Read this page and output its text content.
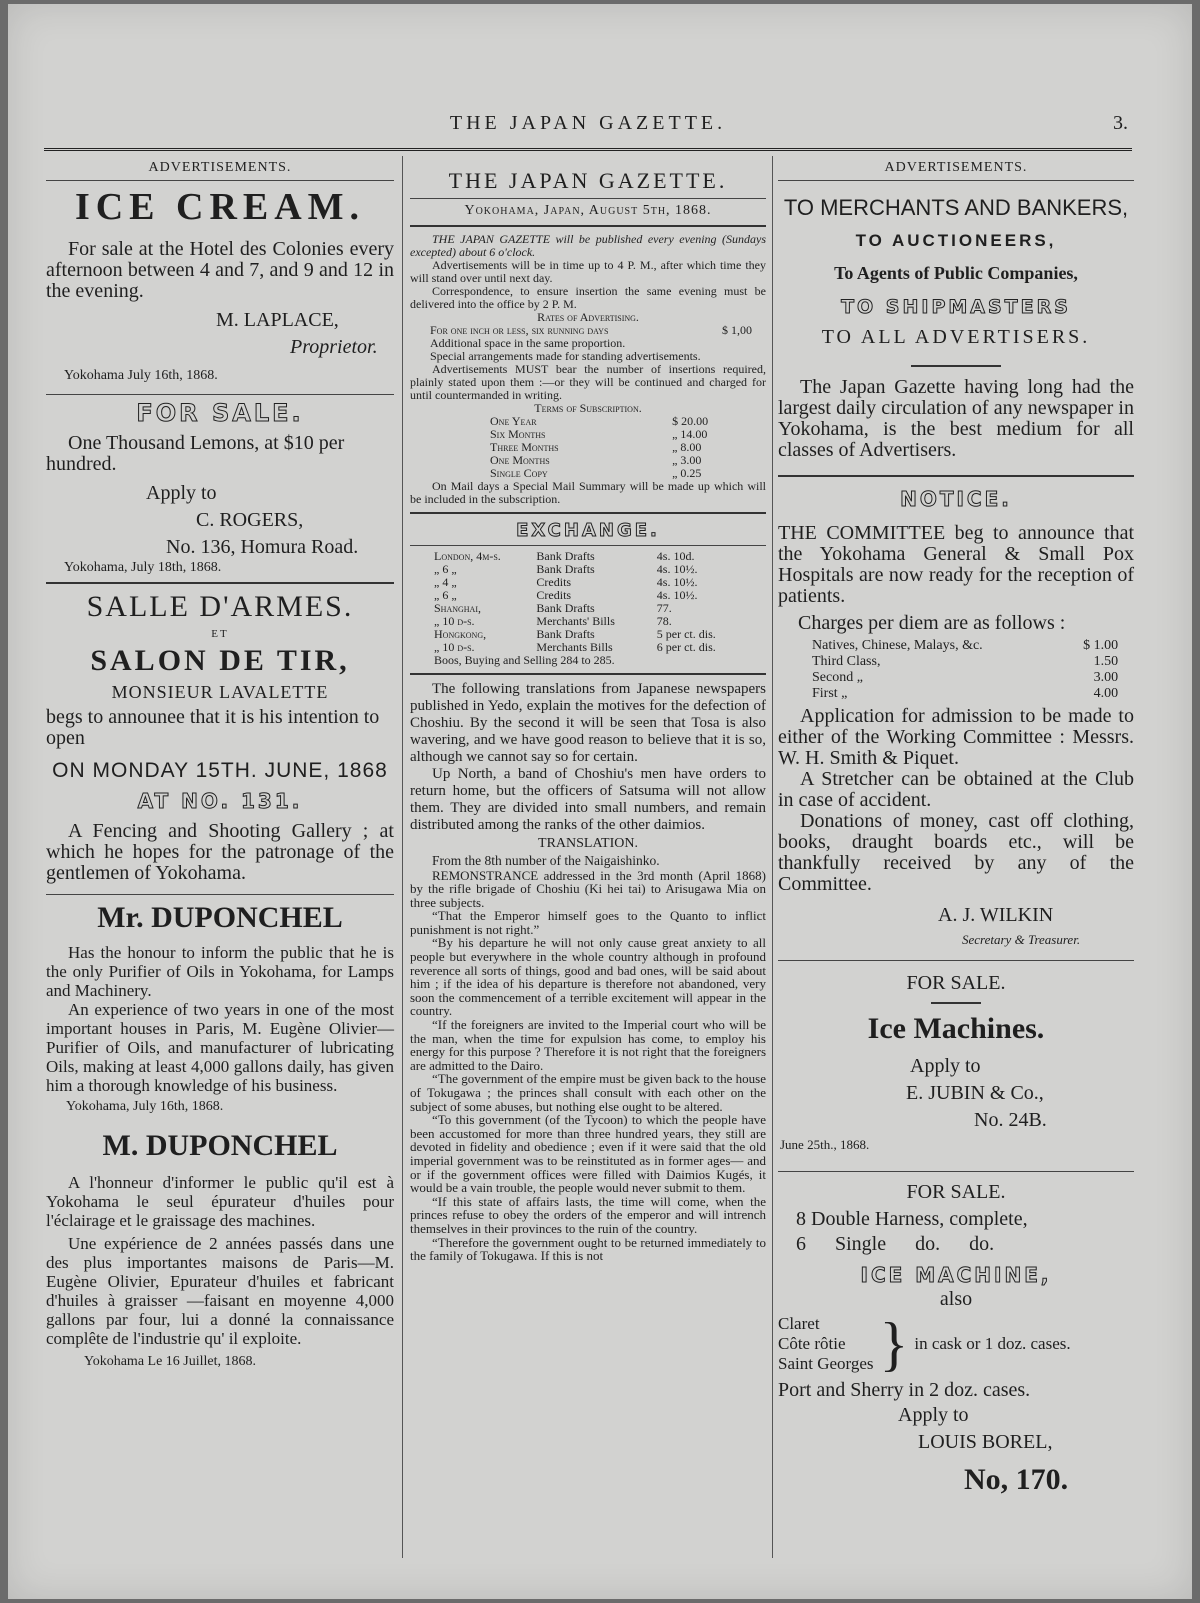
THE JAPAN GAZETTE.	3.
ADVERTISEMENTS.
ICE CREAM.

For sale at the Hotel des Colonies every afternoon between 4 and 7, and 9 and 12 in the evening.

M. LAPLACE,

Proprietor.

Yokohama July 16th, 1868.

FOR SALE.

One Thousand Lemons, at $10 per hundred.

Apply to

C. ROGERS,

No. 136, Homura Road.

Yokohama, July 18th, 1868.

SALLE D'ARMES.
ET
SALON DE TIR,
MONSIEUR LAVALETTE

begs to announee that it is his intention to open

ON MONDAY 15TH. JUNE, 1868
AT NO. 131.

A Fencing and Shooting Gallery ; at which he hopes for the patronage of the gentlemen of Yokohama.

Mr. DUPONCHEL

Has the honour to inform the public that he is the only Purifier of Oils in Yokohama, for Lamps and Machinery.

An experience of two years in one of the most important houses in Paris, M. Eugène Olivier—Purifier of Oils, and manufacturer of lubricating Oils, making at least 4,000 gallons daily, has given him a thorough knowledge of his business.

Yokohama, July 16th, 1868.

M. DUPONCHEL

A l'honneur d'informer le public qu'il est à Yokohama le seul épurateur d'huiles pour l'éclairage et le graissage des machines.

Une expérience de 2 années passés dans une des plus importantes maisons de Paris—M. Eugène Olivier, Epurateur d'huiles et fabricant d'huiles à graisser —faisant en moyenne 4,000 gallons par four, lui a donné la connaissance complête de l'industrie qu' il exploite.

Yokohama Le 16 Juillet, 1868.

THE JAPAN GAZETTE.
Yokohama, Japan, August 5th, 1868.

THE JAPAN GAZETTE will be published every evening (Sundays excepted) about 6 o'clock.

Advertisements will be in time up to 4 P. M., after which time they will stand over until next day.

Correspondence, to ensure insertion the same evening must be delivered into the office by 2 P. M.

Rates of Advertising.

For one inch or less, six running days	$ 1,00

Additional space in the same proportion.

Special arrangements made for standing advertisements.

Advertisements MUST bear the number of insertions required, plainly stated upon them :—or they will be continued and charged for until countermanded in writing.

Terms of Subscription.

One Year	$ 20.00
Six Months	„ 14.00
Three Months	„ 8.00
One Months	„ 3.00
Single Copy	„ 0.25

On Mail days a Special Mail Summary will be made up which will be included in the subscription.

EXCHANGE.
London, 4m-s.	Bank Drafts	4s. 10d.
„ 6 „	Bank Drafts	4s. 10½.
„ 4 „	Credits	4s. 10½.
„ 6 „	Credits	4s. 10½.
Shanghai,	Bank Drafts	77.
„ 10 d-s.	Merchants' Bills	78.
Hongkong,	Bank Drafts	5 per ct. dis.
„ 10 d-s.	Merchants Bills	6 per ct. dis.

Boos, Buying and Selling 284 to 285.

The following translations from Japanese newspapers published in Yedo, explain the motives for the defection of Choshiu. By the second it will be seen that Tosa is also wavering, and we have good reason to believe that it is so, although we cannot say so for certain.

Up North, a band of Choshiu's men have orders to return home, but the officers of Satsuma will not allow them. They are divided into small numbers, and remain distributed among the ranks of the other daimios.

TRANSLATION.

From the 8th number of the Naigaishinko.

REMONSTRANCE addressed in the 3rd month (April 1868) by the rifle brigade of Choshiu (Ki hei tai) to Arisugawa Mia on three subjects.

“That the Emperor himself goes to the Quanto to inflict punishment is not right.”

“By his departure he will not only cause great anxiety to all people but everywhere in the whole country although in profound reverence all sorts of things, good and bad ones, will be said about him ; if the idea of his departure is therefore not abandoned, very soon the commencement of a terrible excitement will appear in the country.

“If the foreigners are invited to the Imperial court who will be the man, when the time for expulsion has come, to employ his energy for this purpose ? Therefore it is not right that the foreigners are admitted to the Dairo.

“The government of the empire must be given back to the house of Tokugawa ; the princes shall consult with each other on the subject of some abuses, but nothing else ought to be altered.

“To this government (of the Tycoon) to which the people have been accustomed for more than three hundred years, they still are devoted in fidelity and obedience ; even if it were said that the old imperial government was to be reinstituted as in former ages— and or if the government offices were filled with Daimios Kugés, it would be a vain trouble, the people would never submit to them.

“If this state of affairs lasts, the time will come, when the princes refuse to obey the orders of the emperor and will intrench themselves in their provinces to the ruin of the country.

“Therefore the government ought to be returned immediately to the family of Tokugawa. If this is not

ADVERTISEMENTS.
TO MERCHANTS AND BANKERS,
TO AUCTIONEERS,
To Agents of Public Companies,
TO SHIPMASTERS
TO ALL ADVERTISERS.

The Japan Gazette having long had the largest daily circulation of any newspaper in Yokohama, is the best medium for all classes of Advertisers.

NOTICE.

THE COMMITTEE beg to announce that the Yokohama General & Small Pox Hospitals are now ready for the reception of patients.

Charges per diem are as follows :

Natives, Chinese, Malays, &c.	$ 1.00
Third Class,	1.50
Second „	3.00
First „	4.00

Application for admission to be made to either of the Working Committee : Messrs. W. H. Smith & Piquet.

A Stretcher can be obtained at the Club in case of accident.

Donations of money, cast off clothing, books, draught boards etc., will be thankfully received by any of the Committee.

A. J. WILKIN

Secretary & Treasurer.

FOR SALE.
Ice Machines.

Apply to

E. JUBIN & Co.,

No. 24B.

June 25th., 1868.

FOR SALE.

8 Double Harness, complete,

6 Single do. do.

ICE MACHINE,
also
Claret
Côte rôtie
Saint Georges } in cask or 1 doz. cases.

Port and Sherry in 2 doz. cases.

Apply to

LOUIS BOREL,

No, 170.
